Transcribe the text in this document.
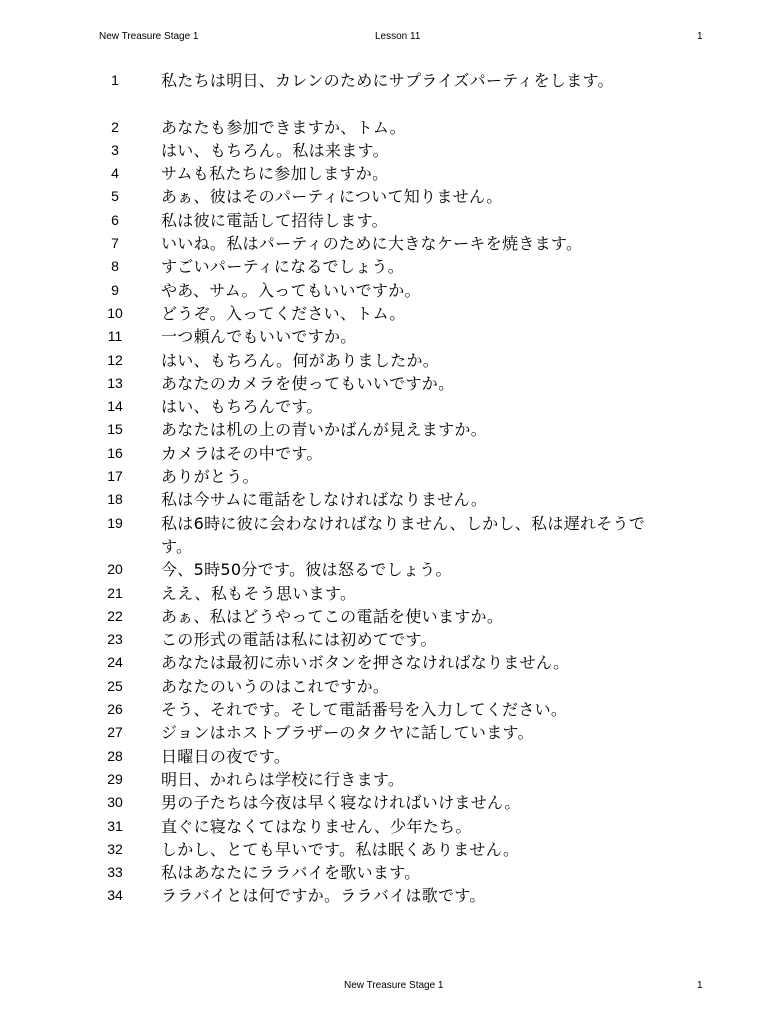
New Treasure Stage 1	Lesson 11	1
1	私たちは明日、カレンのためにサプライズパーティをします。
2	あなたも参加できますか、トム。
3	はい、もちろん。私は来ます。
4	サムも私たちに参加しますか。
5	あぁ、彼はそのパーティについて知りません。
6	私は彼に電話して招待します。
7	いいね。私はパーティのために大きなケーキを焼きます。
8	すごいパーティになるでしょう。
9	やあ、サム。入ってもいいですか。
10	どうぞ。入ってください、トム。
11	一つ頼んでもいいですか。
12	はい、もちろん。何がありましたか。
13	あなたのカメラを使ってもいいですか。
14	はい、もちろんです。
15	あなたは机の上の青いかばんが見えますか。
16	カメラはその中です。
17	ありがとう。
18	私は今サムに電話をしなければなりません。
19	私は6時に彼に会わなければなりません、しかし、私は遅れそうです。
20	今、5時50分です。彼は怒るでしょう。
21	ええ、私もそう思います。
22	あぁ、私はどうやってこの電話を使いますか。
23	この形式の電話は私には初めてです。
24	あなたは最初に赤いボタンを押さなければなりません。
25	あなたのいうのはこれですか。
26	そう、それです。そして電話番号を入力してください。
27	ジョンはホストブラザーのタクヤに話しています。
28	日曜日の夜です。
29	明日、かれらは学校に行きます。
30	男の子たちは今夜は早く寝なければいけません。
31	直ぐに寝なくてはなりません、少年たち。
32	しかし、とても早いです。私は眠くありません。
33	私はあなたにララバイを歌います。
34	ララバイとは何ですか。ララバイは歌です。
New Treasure Stage 1	1
